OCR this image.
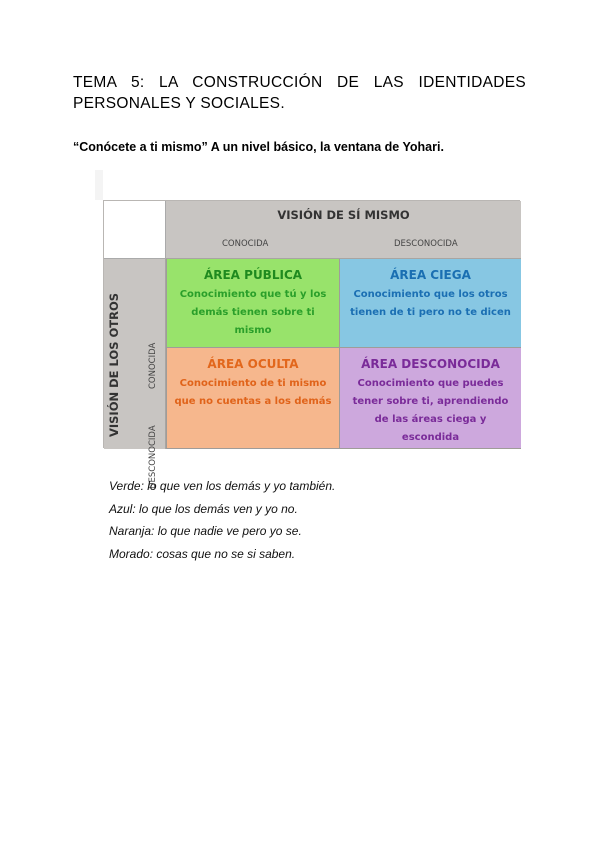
TEMA 5: LA CONSTRUCCIÓN DE LAS IDENTIDADES
PERSONALES Y SOCIALES.
“Conócete a ti mismo” A un nivel básico, la ventana de Yohari.
VISIÓN DE SÍ MISMO
CONOCIDA	DESCONOCIDA
VISIÓN DE LOS OTROS	CONOCIDA
DESCONOCIDA
ÁREA PÚBLICA
Conocimiento que tú y los demás tienen sobre ti mismo
ÁREA CIEGA
Conocimiento que los otros tienen de ti pero no te dicen
ÁREA OCULTA
Conocimiento de ti mismo que no cuentas a los demás
ÁREA DESCONOCIDA
Conocimiento que puedes tener sobre ti, aprendiendo de las áreas ciega y escondida
Verde: lo que ven los demás y yo también.
Azul: lo que los demás ven y yo no.
Naranja: lo que nadie ve pero yo se.
Morado: cosas que no se si saben.
